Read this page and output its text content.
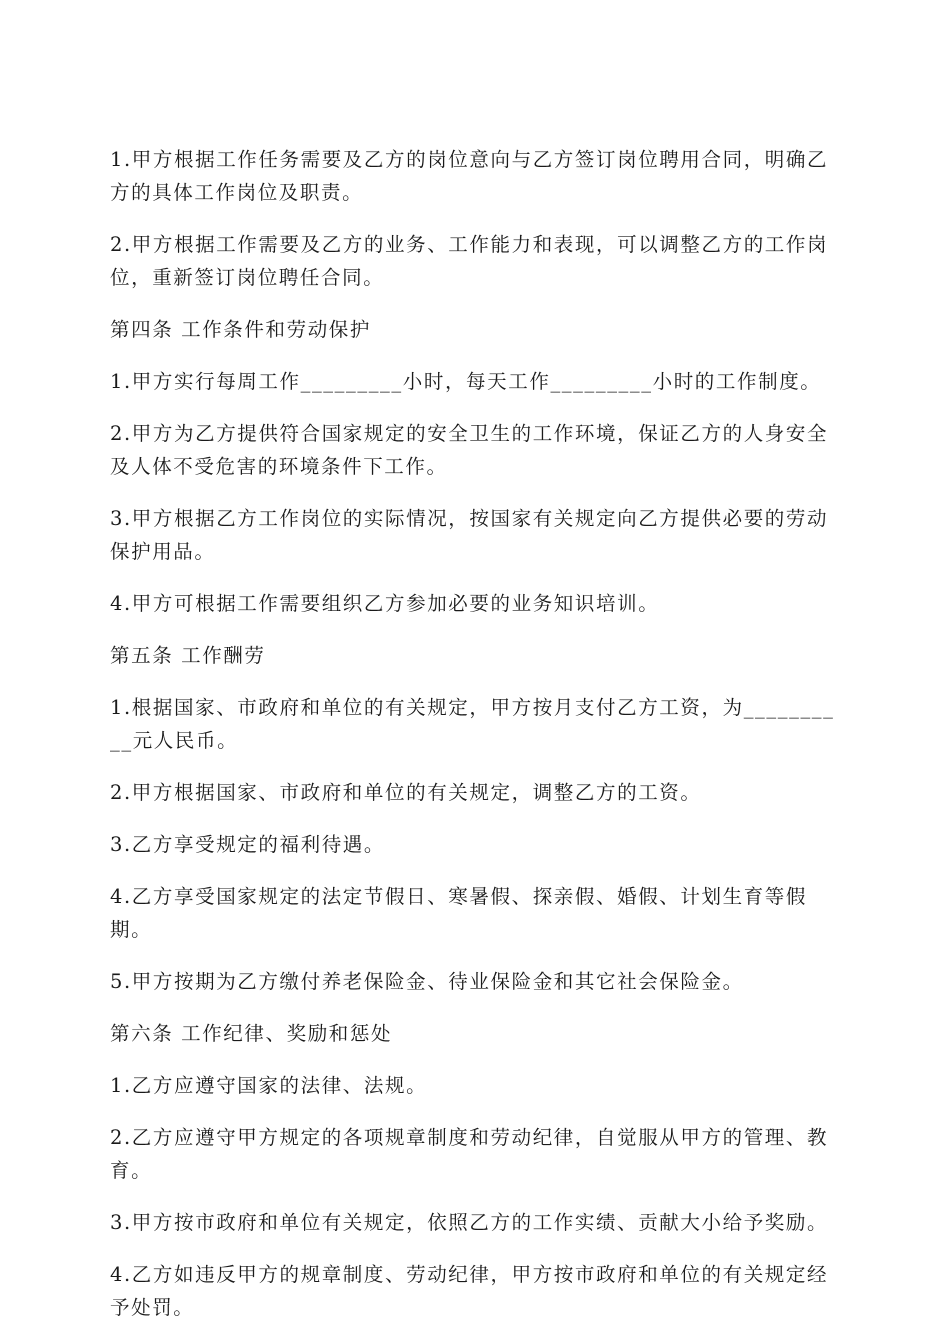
1.甲方根据工作任务需要及乙方的岗位意向与乙方签订岗位聘用合同，明确乙方的具体工作岗位及职责。

2.甲方根据工作需要及乙方的业务、工作能力和表现，可以调整乙方的工作岗位，重新签订岗位聘任合同。

第四条 工作条件和劳动保护

1.甲方实行每周工作_________小时，每天工作_________小时的工作制度。

2.甲方为乙方提供符合国家规定的安全卫生的工作环境，保证乙方的人身安全及人体不受危害的环境条件下工作。

3.甲方根据乙方工作岗位的实际情况，按国家有关规定向乙方提供必要的劳动保护用品。

4.甲方可根据工作需要组织乙方参加必要的业务知识培训。

第五条 工作酬劳

1.根据国家、市政府和单位的有关规定，甲方按月支付乙方工资，为__________元人民币。

2.甲方根据国家、市政府和单位的有关规定，调整乙方的工资。

3.乙方享受规定的福利待遇。

4.乙方享受国家规定的法定节假日、寒暑假、探亲假、婚假、计划生育等假期。

5.甲方按期为乙方缴付养老保险金、待业保险金和其它社会保险金。

第六条 工作纪律、奖励和惩处

1.乙方应遵守国家的法律、法规。

2.乙方应遵守甲方规定的各项规章制度和劳动纪律，自觉服从甲方的管理、教育。

3.甲方按市政府和单位有关规定，依照乙方的工作实绩、贡献大小给予奖励。

4.乙方如违反甲方的规章制度、劳动纪律，甲方按市政府和单位的有关规定经予处罚。
